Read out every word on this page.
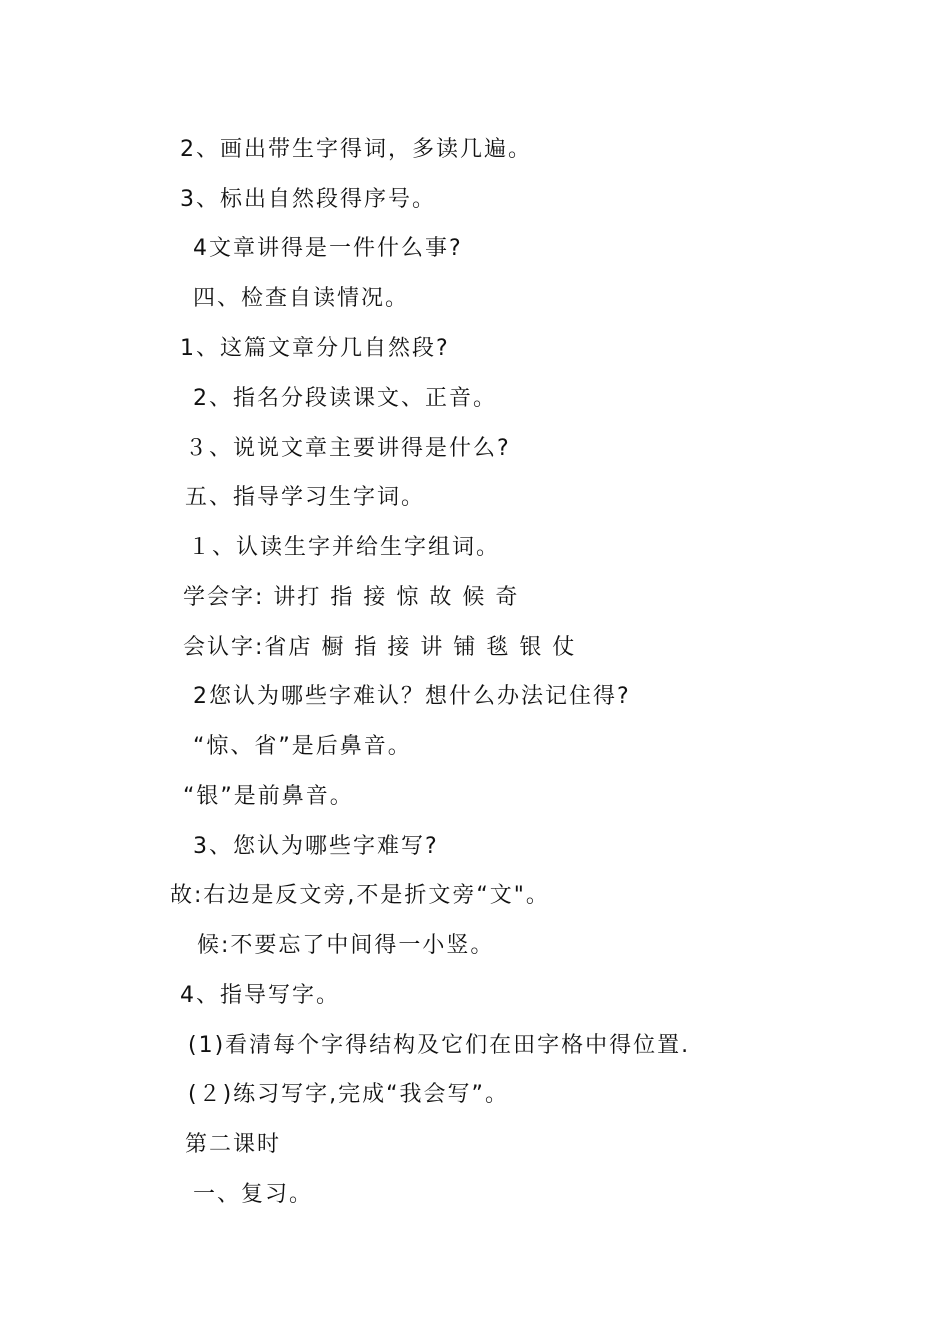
2、画出带生字得词，多读几遍。
3、标出自然段得序号。
4文章讲得是一件什么事?
四、检查自读情况。
1、这篇文章分几自然段?
2、指名分段读课文、正音。
３、说说文章主要讲得是什么?
五、指导学习生字词。
１、认读生字并给生字组词。
学会字: 讲打 指 接 惊 故 候 奇
会认字:省店 橱 指 接 讲 铺 毯 银 仗
2您认为哪些字难认？想什么办法记住得?
“惊、省”是后鼻音。
“银”是前鼻音。
3、您认为哪些字难写?
故:右边是反文旁,不是折文旁“文"。
候:不要忘了中间得一小竖。
4、指导写字。
(1)看清每个字得结构及它们在田字格中得位置.
(２)练习写字,完成“我会写”。
第二课时
一、复习。
